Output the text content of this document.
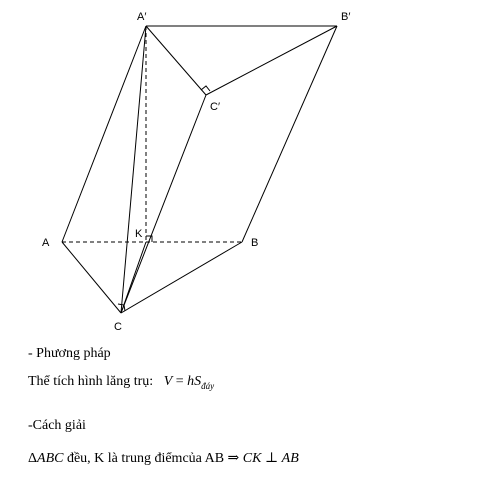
A′	B′
C′
A	B
C
K
- Phương pháp
Thể tích hình lăng trụ: $V = hS_{đáy}$
-Cách giải
ΔABC đều, K là trung điểmcủa AB ⇒ CK ⊥ AB
